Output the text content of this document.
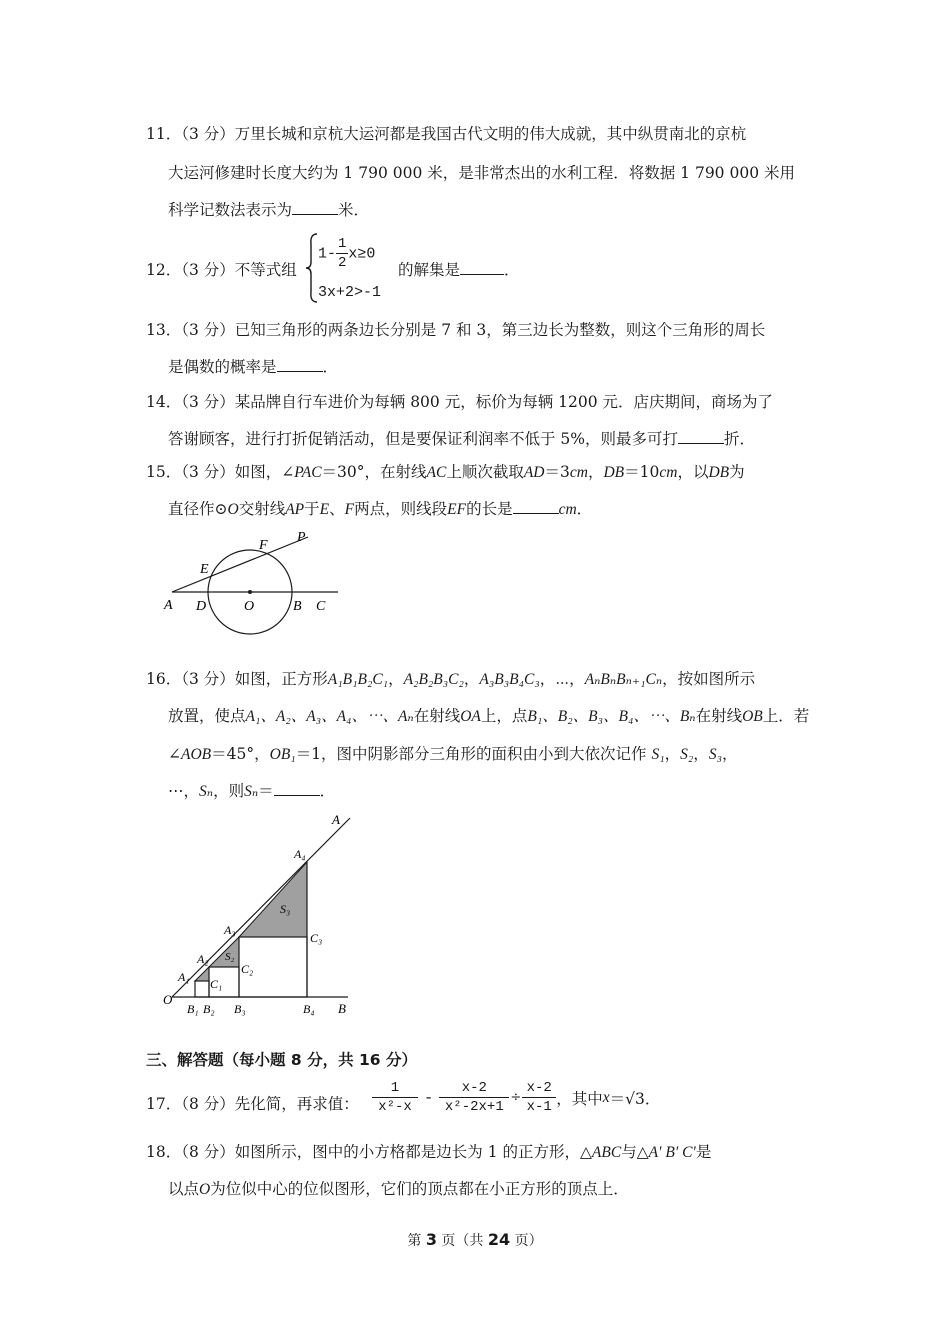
11．（3 分）万里长城和京杭大运河都是我国古代文明的伟大成就，其中纵贯南北的京杭
大运河修建时长度大约为 1 790 000 米，是非常杰出的水利工程．将数据 1 790 000 米用
科学记数法表示为	米．
12．（3 分）不等式组
$1- \frac{1}{2} x\ge 0$
3x+2>-1
的解集是	．
13．（3 分）已知三角形的两条边长分别是 7 和 3，第三边长为整数，则这个三角形的周长
是偶数的概率是	．
14．（3 分）某品牌自行车进价为每辆 800 元，标价为每辆 1200 元．店庆期间，商场为了
答谢顾客，进行打折促销活动，但是要保证利润率不低于 5%，则最多可打	折．
15．（3 分）如图，∠PAC＝30°，在射线AC上顺次截取AD＝3cm，DB＝10cm，以DB为
直径作⊙O交射线AP于E、F两点，则线段EF的长是	cm．
A D	O	B C
E
F
P
16．（3 分）如图，正方形A₁B₁B₂C₁，A₂B₂B₃C₂，A₃B₃B₄C₃，⋯，AₙBₙBₙ₊₁Cₙ，按如图所示
放置，使点A₁、A₂、A₃、A₄、⋯、Aₙ在射线OA上，点B₁、B₂、B₃、B₄、⋯、Bₙ在射线OB上．若
∠AOB＝45°，OB₁＝1，图中阴影部分三角形的面积由小到大依次记作 S₁，S₂，S₃，
⋯，Sₙ，则Sₙ＝	．
A
A₄
S₃
A₃
C₃
S₂
A₂
C₂
A₁ C₁
O
B₁ B₂ B₃	B₄ B
三、解答题（每小题 8 分，共 16 分）
17．（8 分）先化简，再求值： $\frac{1}{\text{x²-x}} - \frac{x-2}{\text{x²-2x+1}} \div \frac{x-2}{x-1}$ ，其中 x ＝√3．
18．（8 分）如图所示，图中的小方格都是边长为 1 的正方形，△ABC与△A′ B′ C′是
以点O为位似中心的位似图形，它们的顶点都在小正方形的顶点上．
第 3 页（共 24 页）
